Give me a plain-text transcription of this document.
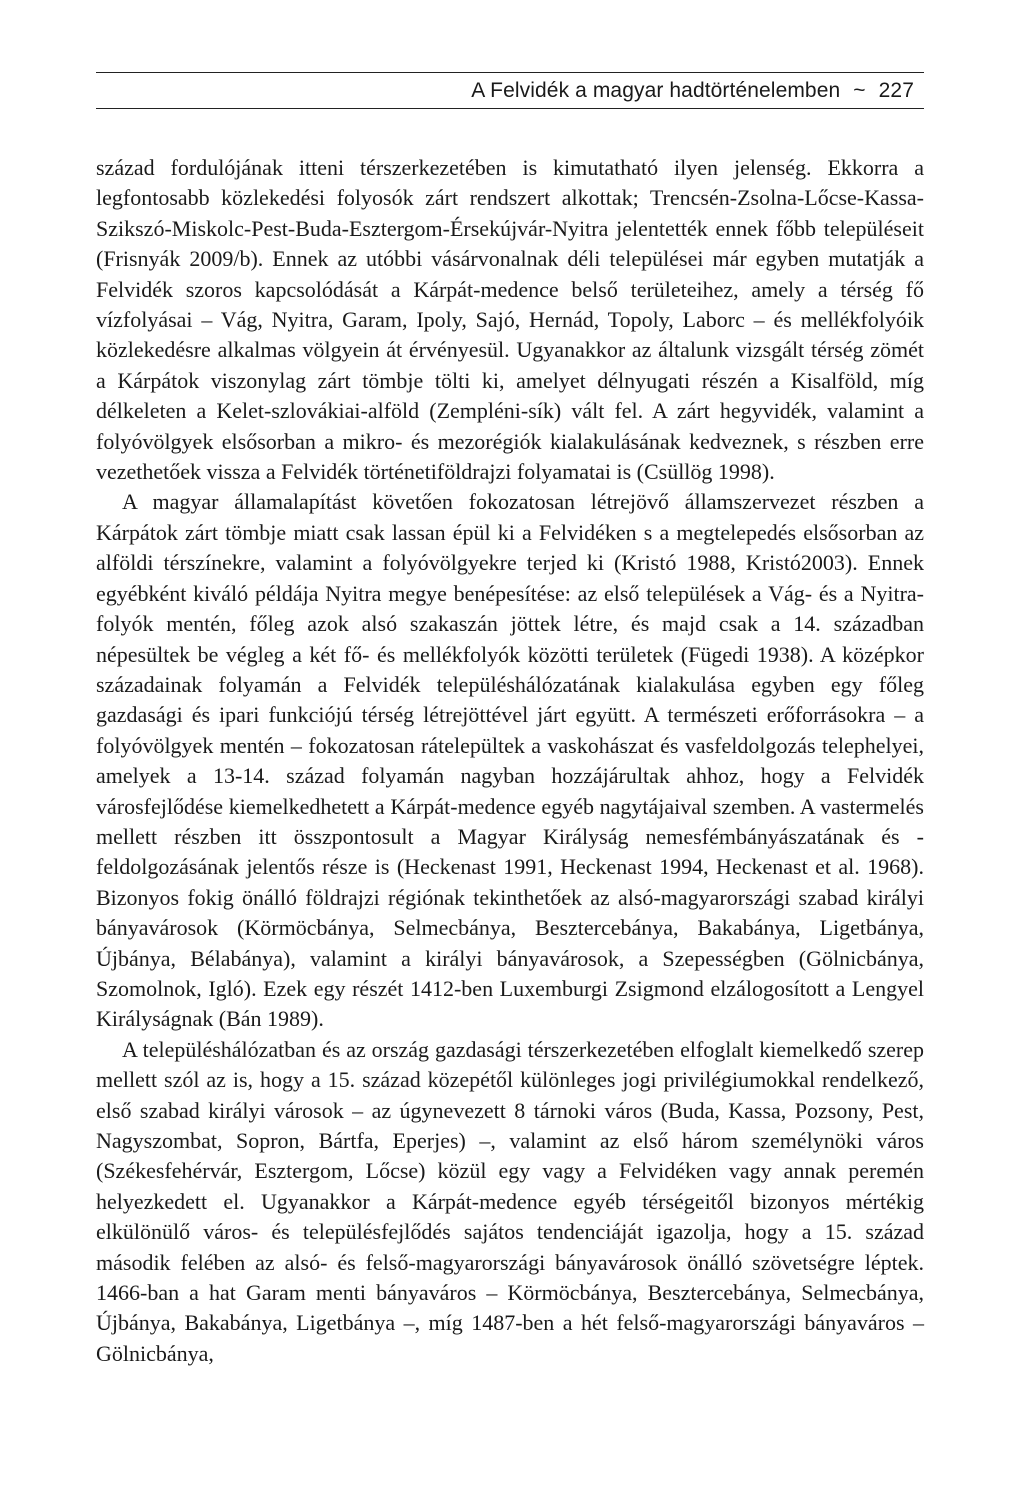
A Felvidék a magyar hadtörténelemben ~ 227

század fordulójának itteni térszerkezetében is kimutatható ilyen jelenség. Ekkorra a legfontosabb közlekedési folyosók zárt rendszert alkottak; Trencsén-Zsolna-Lőcse-Kassa-Szikszó-Miskolc-Pest-Buda-Esztergom-Érsekújvár-Nyitra jelentették ennek főbb településeit (Frisnyák 2009/b). Ennek az utóbbi vásárvonalnak déli települései már egyben mutatják a Felvidék szoros kapcsolódását a Kárpát-medence belső területeihez, amely a térség fő vízfolyásai – Vág, Nyitra, Garam, Ipoly, Sajó, Hernád, Topoly, Laborc – és mellékfolyóik közlekedésre alkalmas völgyein át érvényesül. Ugyanakkor az általunk vizsgált térség zömét a Kárpátok viszonylag zárt tömbje tölti ki, amelyet délnyugati részén a Kisalföld, míg délkeleten a Kelet-szlovákiai-alföld (Zempléni-sík) vált fel. A zárt hegyvidék, valamint a folyóvölgyek elsősorban a mikro- és mezorégiók kialakulásának kedveznek, s részben erre vezethetőek vissza a Felvidék történetiföldrajzi folyamatai is (Csüllög 1998).

A magyar államalapítást követően fokozatosan létrejövő államszervezet részben a Kárpátok zárt tömbje miatt csak lassan épül ki a Felvidéken s a megtelepedés elsősorban az alföldi térszínekre, valamint a folyóvölgyekre terjed ki (Kristó 1988, Kristó2003). Ennek egyébként kiváló példája Nyitra megye benépesítése: az első települések a Vág- és a Nyitra-folyók mentén, főleg azok alsó szakaszán jöttek létre, és majd csak a 14. században népesültek be végleg a két fő- és mellékfolyók közötti területek (Fügedi 1938). A középkor századainak folyamán a Felvidék településhálózatának kialakulása egyben egy főleg gazdasági és ipari funkciójú térség létrejöttével járt együtt. A természeti erőforrásokra – a folyóvölgyek mentén – fokozatosan rátelepültek a vaskohászat és vasfeldolgozás telephelyei, amelyek a 13-14. század folyamán nagyban hozzájárultak ahhoz, hogy a Felvidék városfejlődése kiemelkedhetett a Kárpát-medence egyéb nagytájaival szemben. A vastermelés mellett részben itt összpontosult a Magyar Királyság nemesfémbányászatának és -feldolgozásának jelentős része is (Heckenast 1991, Heckenast 1994, Heckenast et al. 1968). Bizonyos fokig önálló földrajzi régiónak tekinthetőek az alsó-magyarországi szabad királyi bányavárosok (Körmöcbánya, Selmecbánya, Besztercebánya, Bakabánya, Ligetbánya, Újbánya, Bélabánya), valamint a királyi bányavárosok, a Szepességben (Gölnicbánya, Szomolnok, Igló). Ezek egy részét 1412-ben Luxemburgi Zsigmond elzálogosított a Lengyel Királyságnak (Bán 1989).

A településhálózatban és az ország gazdasági térszerkezetében elfoglalt kiemelkedő szerep mellett szól az is, hogy a 15. század közepétől különleges jogi privilégiumokkal rendelkező, első szabad királyi városok – az úgynevezett 8 tárnoki város (Buda, Kassa, Pozsony, Pest, Nagyszombat, Sopron, Bártfa, Eperjes) –, valamint az első három személynöki város (Székesfehérvár, Esztergom, Lőcse) közül egy vagy a Felvidéken vagy annak peremén helyezkedett el. Ugyanakkor a Kárpát-medence egyéb térségeitől bizonyos mértékig elkülönülő város- és településfejlődés sajátos tendenciáját igazolja, hogy a 15. század második felében az alsó- és felső-magyarországi bányavárosok önálló szövetségre léptek. 1466-ban a hat Garam menti bányaváros – Körmöcbánya, Besztercebánya, Selmecbánya, Újbánya, Bakabánya, Ligetbánya –, míg 1487-ben a hét felső-magyarországi bányaváros – Gölnicbánya,
